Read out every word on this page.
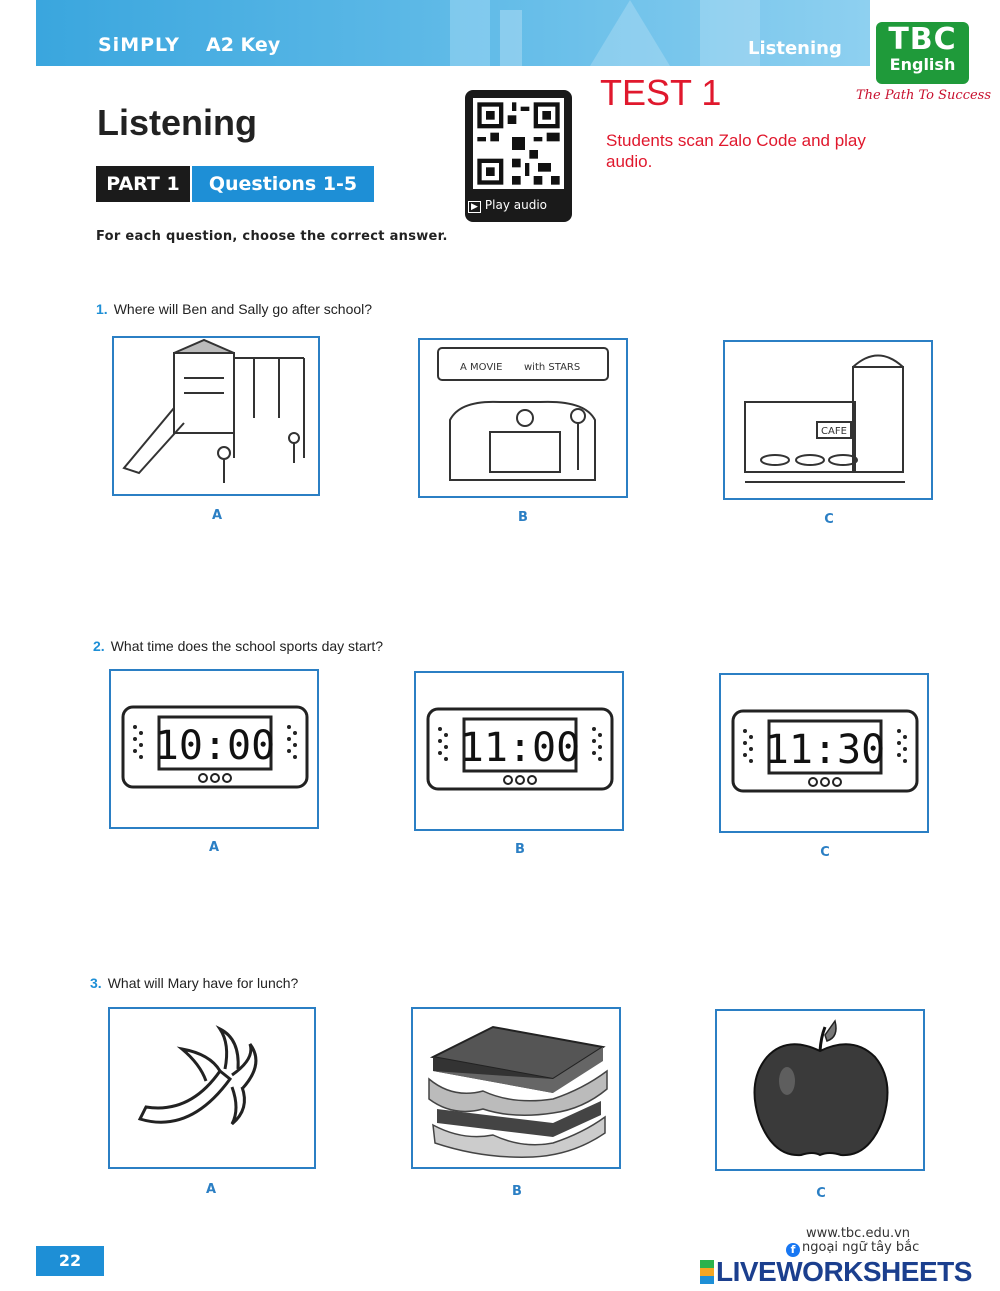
SiMPLY A2 Key	Listening	TBC
English
The Path To Success
Listening
PART 1	Questions 1-5
For each question, choose the correct answer.
▶ Play audio
TEST 1
Students scan Zalo Code and play audio.
1. Where will Ben and Sally go after school?
A
A MOVIE with STARS
B
CAFE
C
2. What time does the school sports day start?
10:00
A
11:00
B
11:30
C
3. What will Mary have for lunch?
A	B	C
22
www.tbc.edu.vn
f ngoại ngữ tây bắc
LIVEWORKSHEETS
